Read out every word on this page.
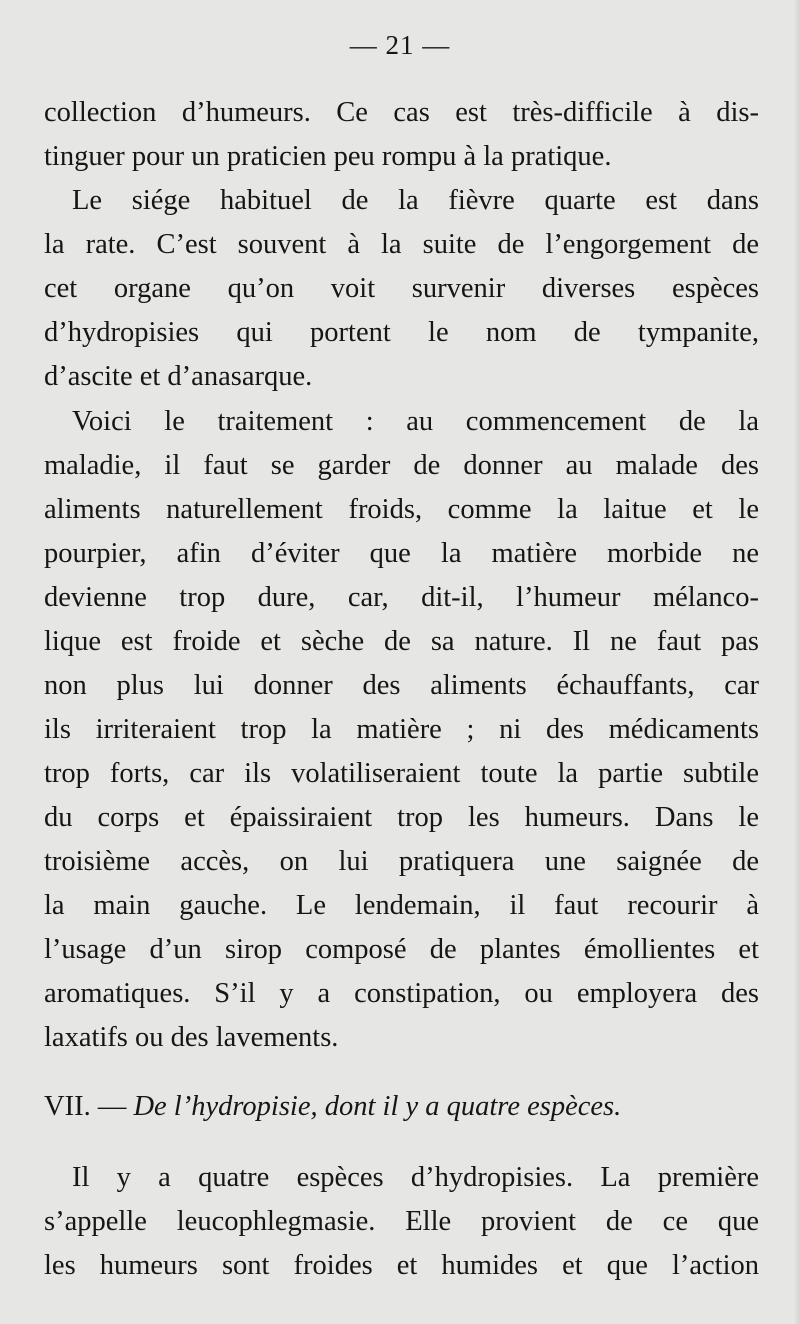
— 21 —
collection d’humeurs. Ce cas est très-difficile à dis-
tinguer pour un praticien peu rompu à la pratique.
Le siége habituel de la fièvre quarte est dans
la rate. C’est souvent à la suite de l’engorgement de
cet organe qu’on voit survenir diverses espèces
d’hydropisies qui portent le nom de tympanite,
d’ascite et d’anasarque.
Voici le traitement : au commencement de la
maladie, il faut se garder de donner au malade des
aliments naturellement froids, comme la laitue et le
pourpier, afin d’éviter que la matière morbide ne
devienne trop dure, car, dit-il, l’humeur mélanco-
lique est froide et sèche de sa nature. Il ne faut pas
non plus lui donner des aliments échauffants, car
ils irriteraient trop la matière ; ni des médicaments
trop forts, car ils volatiliseraient toute la partie subtile
du corps et épaissiraient trop les humeurs. Dans le
troisième accès, on lui pratiquera une saignée de
la main gauche. Le lendemain, il faut recourir à
l’usage d’un sirop composé de plantes émollientes et
aromatiques. S’il y a constipation, ou employera des
laxatifs ou des lavements.
VII. — De l’hydropisie, dont il y a quatre espèces.
Il y a quatre espèces d’hydropisies. La première
s’appelle leucophlegmasie. Elle provient de ce que
les humeurs sont froides et humides et que l’action
